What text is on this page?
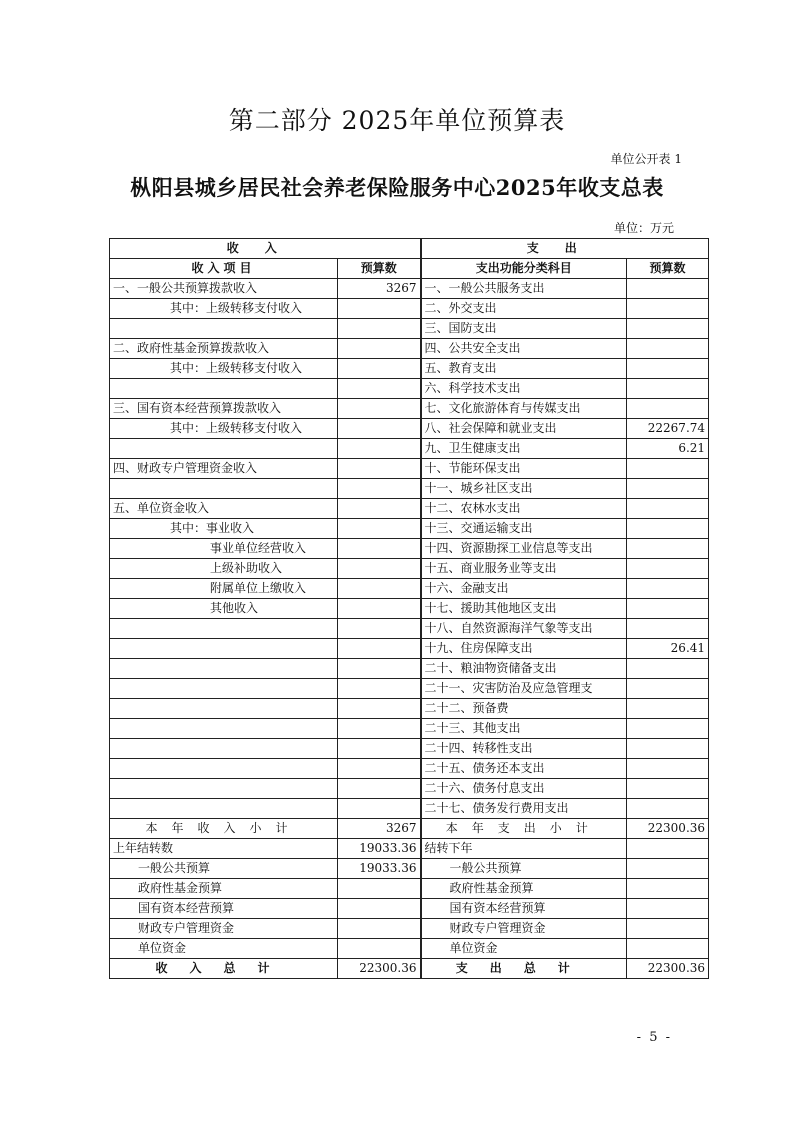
第二部分 2025年单位预算表
单位公开表 1
枞阳县城乡居民社会养老保险服务中心2025年收支总表
单位：万元
收入		支出	
收入项目	预算数	支出功能分类科目	预算数
一、一般公共预算拨款收入	3267	一、一般公共服务支出	
其中：上级转移支付收入		二、外交支出	
		三、国防支出	
二、政府性基金预算拨款收入		四、公共安全支出	
其中：上级转移支付收入		五、教育支出	
		六、科学技术支出	
三、国有资本经营预算拨款收入		七、文化旅游体育与传媒支出	
其中：上级转移支付收入		八、社会保障和就业支出	22267.74
		九、卫生健康支出	6.21
四、财政专户管理资金收入		十、节能环保支出	
		十一、城乡社区支出	
五、单位资金收入		十二、农林水支出	
其中：事业收入		十三、交通运输支出	
事业单位经营收入		十四、资源勘探工业信息等支出	
上级补助收入		十五、商业服务业等支出	
附属单位上缴收入		十六、金融支出	
其他收入		十七、援助其他地区支出	
		十八、自然资源海洋气象等支出	
		十九、住房保障支出	26.41
		二十、粮油物资储备支出	
		二十一、灾害防治及应急管理支	
		二十二、预备费	
		二十三、其他支出	
		二十四、转移性支出	
		二十五、债务还本支出	
		二十六、债务付息支出	
		二十七、债务发行费用支出	
本年收入小计	3267	本年支出小计	22300.36
上年结转数	19033.36	结转下年	
一般公共预算	19033.36	一般公共预算	
政府性基金预算		政府性基金预算	
国有资本经营预算		国有资本经营预算	
财政专户管理资金		财政专户管理资金	
单位资金		单位资金	
收入总计	22300.36	支出总计	22300.36
- 5 -
